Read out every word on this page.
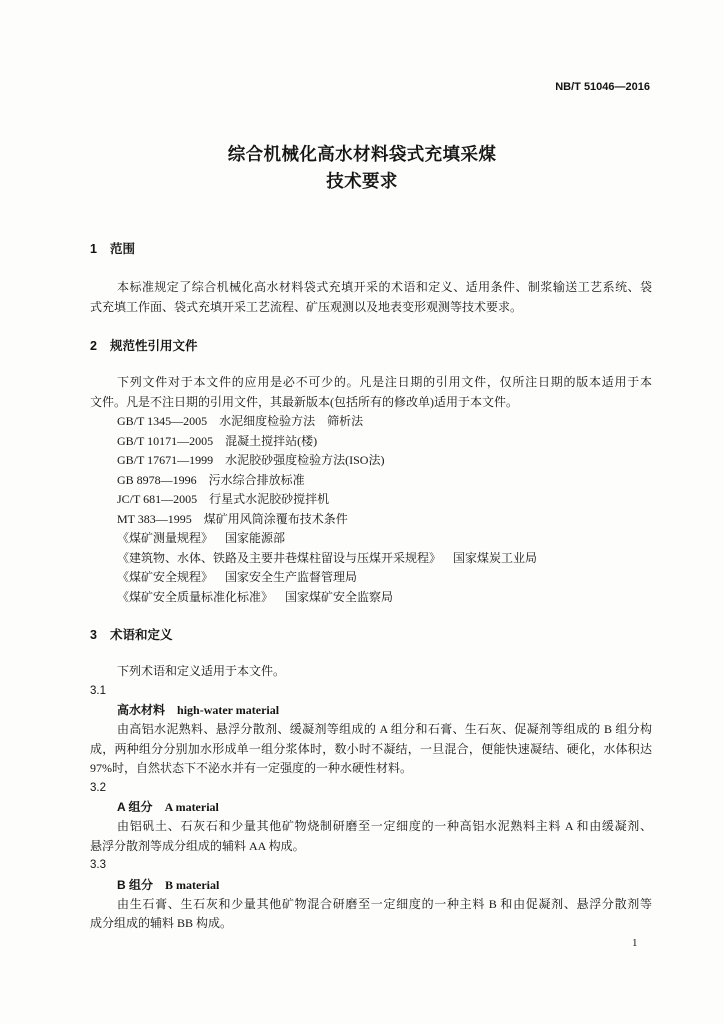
NB/T 51046—2016
综合机械化高水材料袋式充填采煤
技术要求
1 范围
本标准规定了综合机械化高水材料袋式充填开采的术语和定义、适用条件、制浆输送工艺系统、袋
式充填工作面、袋式充填开采工艺流程、矿压观测以及地表变形观测等技术要求。
2 规范性引用文件
下列文件对于本文件的应用是必不可少的。凡是注日期的引用文件，仅所注日期的版本适用于本
文件。凡是不注日期的引用文件，其最新版本(包括所有的修改单)适用于本文件。
GB/T 1345—2005 水泥细度检验方法　筛析法
GB/T 10171—2005 混凝土搅拌站(楼)
GB/T 17671—1999 水泥胶砂强度检验方法(ISO法)
GB 8978—1996 污水综合排放标准
JC/T 681—2005 行星式水泥胶砂搅拌机
MT 383—1995 煤矿用风筒涂覆布技术条件
《煤矿测量规程》 国家能源部
《建筑物、水体、铁路及主要井巷煤柱留设与压煤开采规程》 国家煤炭工业局
《煤矿安全规程》 国家安全生产监督管理局
《煤矿安全质量标准化标准》 国家煤矿安全监察局
3 术语和定义
下列术语和定义适用于本文件。
3.1
高水材料 high-water material
由高铝水泥熟料、悬浮分散剂、缓凝剂等组成的 A 组分和石膏、生石灰、促凝剂等组成的 B 组分构
成，两种组分分别加水形成单一组分浆体时，数小时不凝结，一旦混合，便能快速凝结、硬化，水体积达
97%时，自然状态下不泌水并有一定强度的一种水硬性材料。
3.2
A 组分 A material
由铝矾土、石灰石和少量其他矿物烧制研磨至一定细度的一种高铝水泥熟料主料 A 和由缓凝剂、
悬浮分散剂等成分组成的辅料 AA 构成。
3.3
B 组分 B material
由生石膏、生石灰和少量其他矿物混合研磨至一定细度的一种主料 B 和由促凝剂、悬浮分散剂等
成分组成的辅料 BB 构成。
1
